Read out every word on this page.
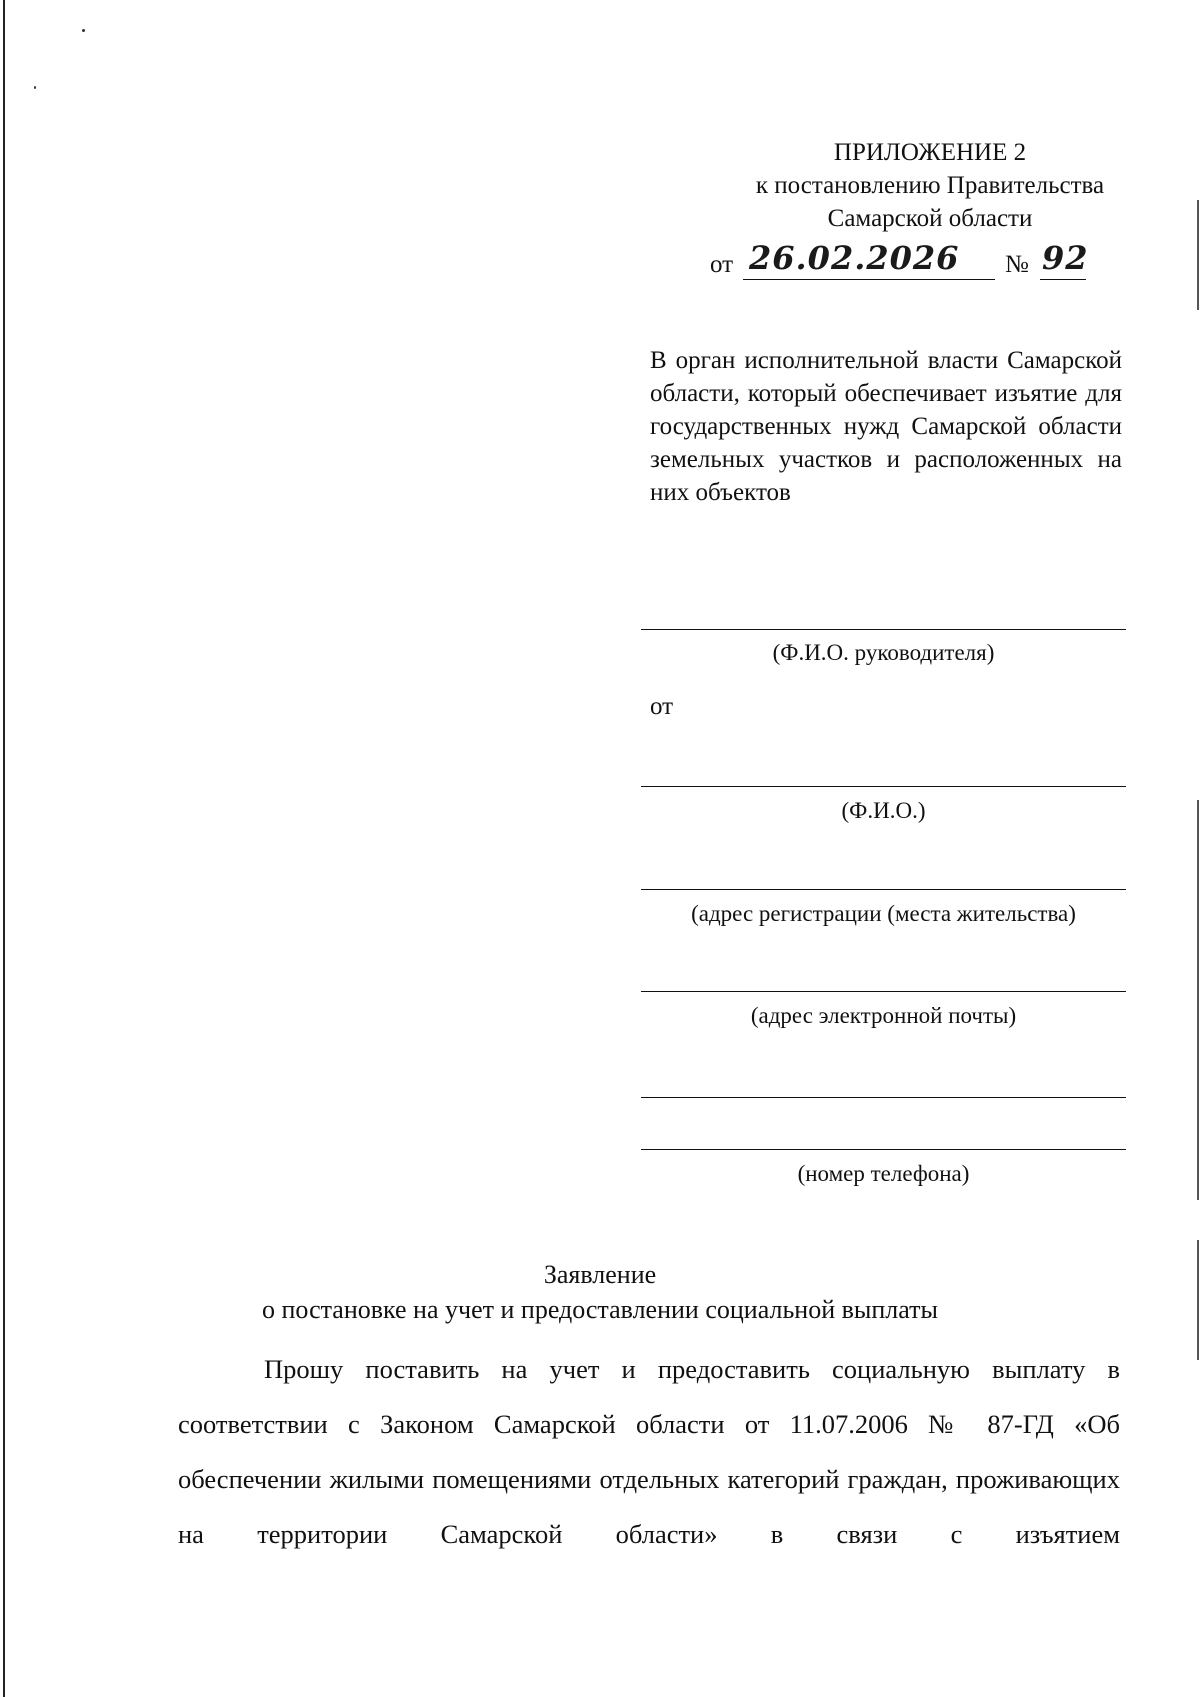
ПРИЛОЖЕНИЕ 2
к постановлению Правительства
Самарской области
от 26.02.2026 № 92
В орган исполнительной власти Самарской области, который обеспечивает изъятие для государственных нужд Самарской области земельных участков и расположенных на них объектов
(Ф.И.О. руководителя)
от
(Ф.И.О.)
(адрес регистрации (места жительства)
(адрес электронной почты)
(номер телефона)
Заявление
о постановке на учет и предоставлении социальной выплаты
Прошу поставить на учет и предоставить социальную выплату в соответствии с Законом Самарской области от 11.07.2006 № 87-ГД «Об обеспечении жилыми помещениями отдельных категорий граждан, проживающих на территории Самарской области» в связи с изъятием
